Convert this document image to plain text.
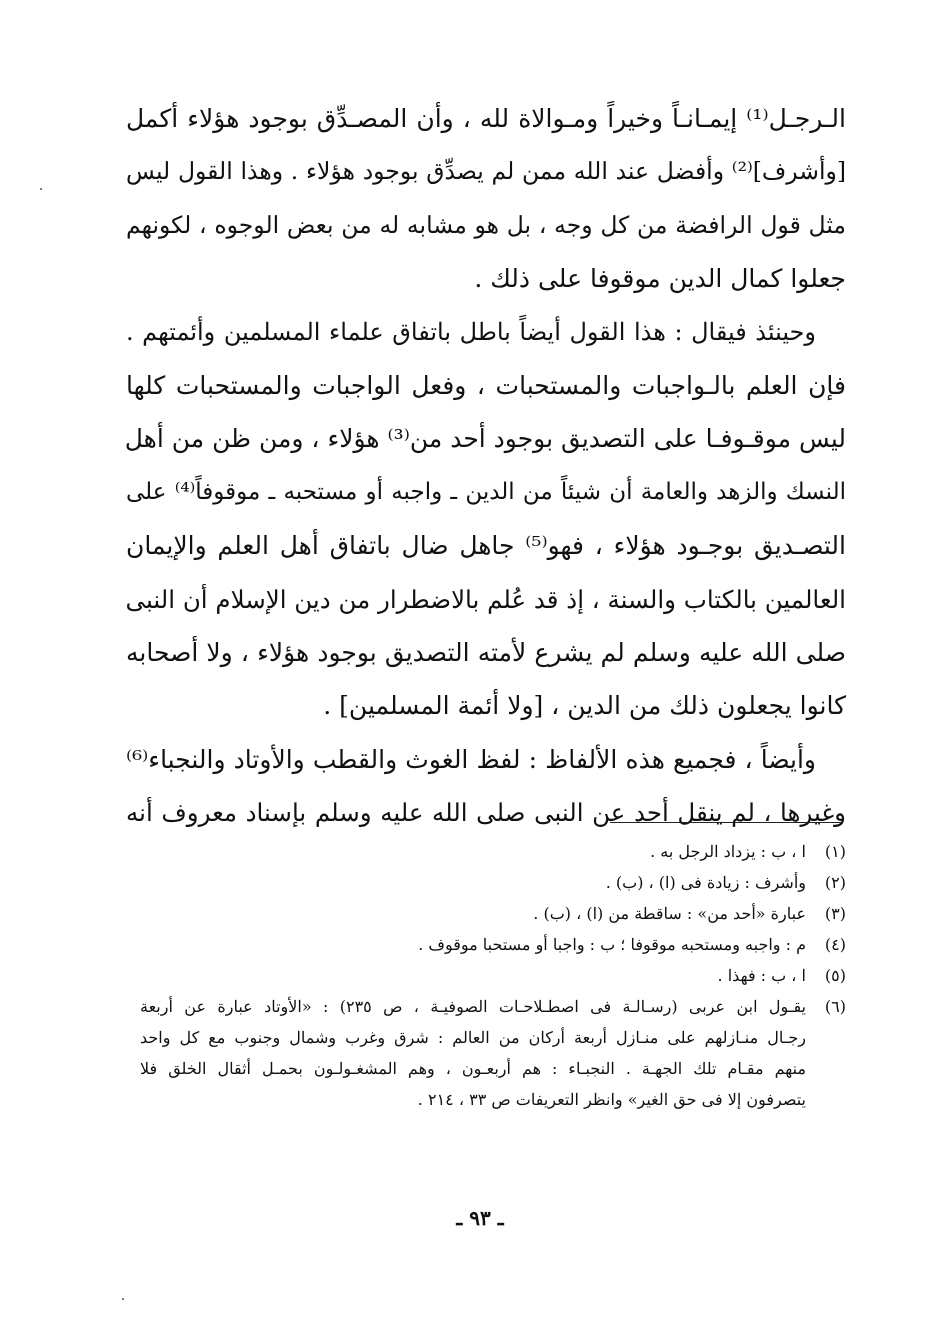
الـرجـل⁽¹⁾ إيمـانـاً وخيراً ومـوالاة لله ، وأن المصـدِّق بوجود هؤلاء أكمل
[وأشرف]⁽²⁾ وأفضل عند الله ممن لم يصدِّق بوجود هؤلاء . وهذا القول ليس
مثل قول الرافضة من كل وجه ، بل هو مشابه له من بعض الوجوه ، لكونهم
جعلوا كمال الدين موقوفا على ذلك .
وحينئذ فيقال : هذا القول أيضاً باطل باتفاق علماء المسلمين وأئمتهم .
فإن العلم بالـواجبات والمستحبات ، وفعل الواجبات والمستحبات كلها
ليس موقـوفـا على التصديق بوجود أحد من⁽³⁾ هؤلاء ، ومن ظن من أهل
النسك والزهد والعامة أن شيئاً من الدين ـ واجبه أو مستحبه ـ موقوفاً⁽⁴⁾ على
التصـديق بوجـود هؤلاء ، فهو⁽⁵⁾ جاهل ضال باتفاق أهل العلم والإيمان
العالمين بالكتاب والسنة ، إذ قد عُلم بالاضطرار من دين الإسلام أن النبى
صلى الله عليه وسلم لم يشرع لأمته التصديق بوجود هؤلاء ، ولا أصحابه
كانوا يجعلون ذلك من الدين ، [ولا أئمة المسلمين] .
وأيضاً ، فجميع هذه الألفاظ : لفظ الغوث والقطب والأوتاد والنجباء⁽⁶⁾
وغيرها ، لم ينقل أحد عن النبى صلى الله عليه وسلم بإسناد معروف أنه
(١)
ا ، ب : يزداد الرجل به .
(٢)
وأشرف : زيادة فى (ا) ، (ب) .
(٣)
عبارة «أحد من» : ساقطة من (ا) ، (ب) .
(٤)
م : واجبه ومستحبه موقوفا ؛ ب : واجبا أو مستحبا موقوف .
(٥)
ا ، ب : فهذا .
(٦)
يقـول ابن عربى (رسـالـة فى اصطـلاحـات الصوفيـة ، ص ٢٣٥) : «الأوتاد عبارة عن أربعة
رجـال منـازلهم على منـازل أربعة أركان من العالم : شرق وغرب وشمال وجنوب مع كل واحد
منهم مقـام تلك الجهـة . النجبـاء : هم أربعـون ، وهم المشغـولـون بحمـل أثقال الخلق فلا
يتصرفون إلا فى حق الغير» وانظر التعريفات ص ٣٣ ، ٢١٤ .
ـ ٩٣ ـ
